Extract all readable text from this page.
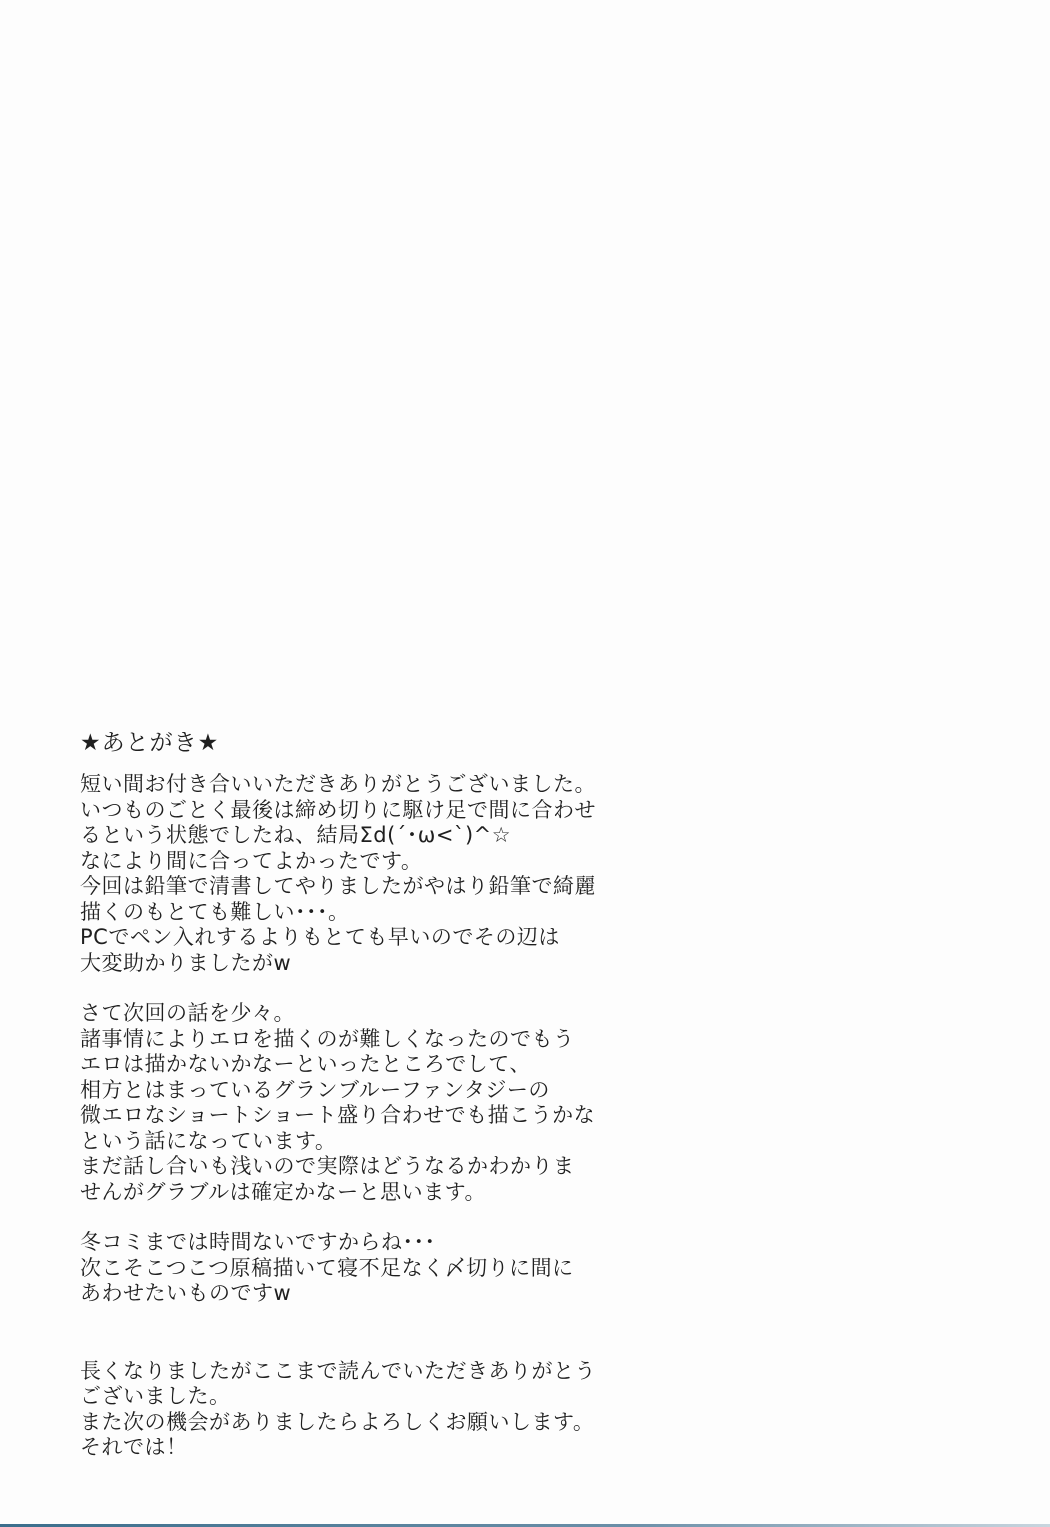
★あとがき★
短い間お付き合いいただきありがとうございました。
いつものごとく最後は締め切りに駆け足で間に合わせ
るという状態でしたね、結局Σd(´･ω<`)^☆
なにより間に合ってよかったです。
今回は鉛筆で清書してやりましたがやはり鉛筆で綺麗
描くのもとても難しい･･･。
PCでペン入れするよりもとても早いのでその辺は
大変助かりましたがw
さて次回の話を少々。
諸事情によりエロを描くのが難しくなったのでもう
エロは描かないかなーといったところでして、
相方とはまっているグランブルーファンタジーの
微エロなショートショート盛り合わせでも描こうかな
という話になっています。
まだ話し合いも浅いので実際はどうなるかわかりま
せんがグラブルは確定かなーと思います。
冬コミまでは時間ないですからね･･･
次こそこつこつ原稿描いて寝不足なく〆切りに間に
あわせたいものですw
長くなりましたがここまで読んでいただきありがとう
ございました。
また次の機会がありましたらよろしくお願いします。
それでは！
